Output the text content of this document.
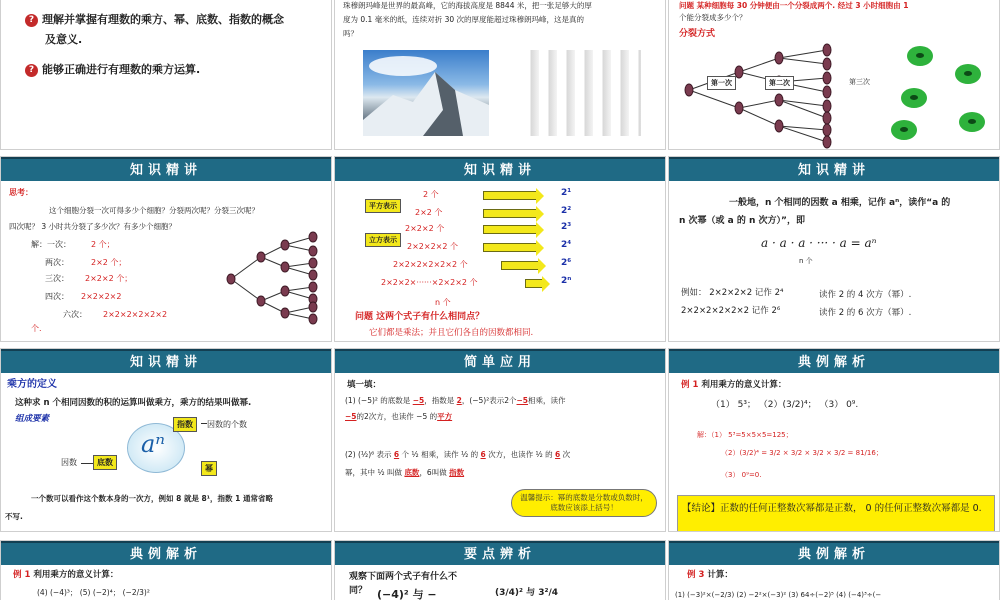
? 理解并掌握有理数的乘方、幂、底数、指数的概念
及意义.
? 能够正确进行有理数的乘方运算.
珠穆朗玛峰是世界的最高峰，它的海拔高度是 8844 米，把一张足够大的厚
度为 0.1 毫米的纸，连续对折 30 次的厚度能超过珠穆朗玛峰，这是真的
吗？
问题 某种细胞每 30 分钟便由一个分裂成两个. 经过 3 小时细胞由 1
个能分裂成多少个？
分裂方式
第一次	第二次	第三次
知识精讲
思考：
这个细胞分裂一次可得多少个细胞？分裂两次呢？分裂三次呢？
四次呢？ 3 小时共分裂了多少次？有多少个细胞？
解：一次：	2 个；
两次：	2×2 个；
三次： 2×2×2 个；
四次： 2×2×2×2
六次： 2×2×2×2×2×2
个.
知识精讲
2 个	2¹
平方表示
2×2 个	2²
2×2×2 个	2³
立方表示
2×2×2×2 个	2⁴
2×2×2×2×2×2 个	2⁶
2×2×2×······×2×2×2 个	2ⁿ
n 个
问题 这两个式子有什么相同点？
它们都是乘法；并且它们各自的因数都相同.
知识精讲
一般地，n 个相同的因数 a 相乘，记作 aⁿ，读作“a 的
n 次幂（或 a 的 n 次方）”，即
a · a · a · ··· · a = aⁿ
n 个
例如： 2×2×2×2 记作 2⁴	读作 2 的 4 次方（幂）.
2×2×2×2×2×2 记作 2⁶	读作 2 的 6 次方（幂）.
知识精讲
乘方的定义
这种求 n 个相同因数的积的运算叫做乘方，乘方的结果叫做幂.
组成要素
aⁿ
指数	因数的个数
因数	底数
幂
一个数可以看作这个数本身的一次方，例如 8 就是 8¹，指数 1 通常省略
不写.
简单应用
填一填：
(1) (−5)² 的底数是 −5，指数是 2，(−5)²表示2个−5相乘，读作
−5的2次方，也读作 −5 的平方
(2) (½)⁶ 表示 6 个 ½ 相乘，读作 ½ 的 6 次方，也读作 ½ 的 6 次
幂，其中 ½ 叫做 底数，6叫做 指数
温馨提示：幂的底数是分数或负数时，底数应该添上括号！
典例解析
例 1 利用乘方的意义计算：
（1） 5³； （2）(3/2)⁴； （3） 0⁹.
解：（1） 5³=5×5×5=125；
（2）(3/2)⁴ = 3/2 × 3/2 × 3/2 × 3/2 = 81/16；
（3） 0⁹=0.
【结论】正数的任何正整数次幂都是正数， 0 的任何正整数次幂都是 0.
典例解析
例 1 利用乘方的意义计算：
(4) (−4)³； (5) (−2)⁴； (−2/3)²
要点辨析
观察下面两个式子有什么不
同？ (−4)² 与 −	(3/4)² 与 3²/4
典例解析
例 3 计算：
(1) (−3)²×(−2/3) (2) −2²×(−3)² (3) 64÷(−2)⁵ (4) (−4)³÷(−
